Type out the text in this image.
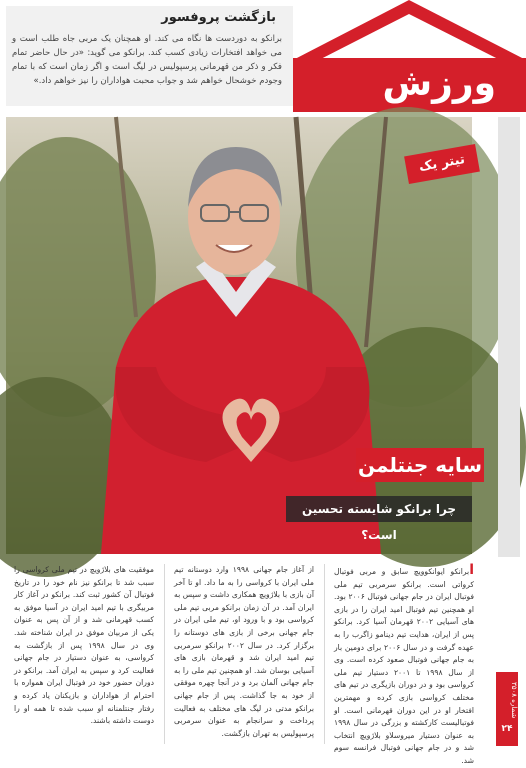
بازگشت پروفسور
برانکو به دوردست ها نگاه می کند. او همچنان یک مربی جاه طلب است و می خواهد افتخارات زیادی کسب کند. برانکو می گوید: «در حال حاضر تمام فکر و ذکر من قهرمانی پرسپولیس در لیگ است و اگر زمان است که با تمام وجودم خوشحال خواهم شد و جواب محبت هواداران را نیز خواهم داد.»	ورزش
تیتر یک
سایه جنتلمن
چرا برانکو شایسته تحسین است؟
ابرانکو ایوانکوویچ سابق و مربی فوتبال کرواتی است. برانکو سرمربی تیم ملی فوتبال ایران در جام جهانی فوتبال ۲۰۰۶ بود. او همچنین تیم فوتبال امید ایران را در بازی های آسیایی ۲۰۰۲ قهرمان آسیا کرد. برانکو پس از ایران، هدایت تیم دینامو زاگرب را به عهده گرفت و در سال ۲۰۰۶ برای دومین بار به جام جهانی فوتبال صعود کرده است. وی از سال ۱۹۹۸ تا ۲۰۰۱ دستیار تیم ملی کرواسی بود و در دوران بازیگری در تیم های مختلف کرواسی بازی کرده و مهمترین افتخار او در این دوران قهرمانی است. او فوتبالیست کارکشته و بزرگی در سال ۱۹۹۸ به عنوان دستیار میروسلاو بلاژویچ انتخاب شد و در جام جهانی فوتبال فرانسه سوم شد.
از آغاز جام جهانی ۱۹۹۸ وارد دوستانه تیم ملی ایران با کرواسی را به ما داد. او تا آخر آن بازی با بلاژویچ همکاری داشت و سپس به ایران آمد. در آن زمان برانکو مربی تیم ملی کرواسی بود و با ورود او، تیم ملی ایران در جام جهانی برخی از بازی های دوستانه را برگزار کرد. در سال ۲۰۰۲ برانکو سرمربی تیم امید ایران شد و قهرمان بازی های آسیایی بوسان شد. او همچنین تیم ملی را به جام جهانی آلمان برد و در آنجا چهره موفقی از خود به جا گذاشت. پس از جام جهانی برانکو مدتی در لیگ های مختلف به فعالیت پرداخت و سرانجام به عنوان سرمربی پرسپولیس به تهران بازگشت.
موفقیت های بلاژویچ در تیم ملی کرواسی را سبب شد تا برانکو نیز نام خود را در تاریخ فوتبال آن کشور ثبت کند. برانکو در آغاز کار مربیگری با تیم امید ایران در آسیا موفق به کسب قهرمانی شد و از آن پس به عنوان یکی از مربیان موفق در ایران شناخته شد. وی در سال ۱۹۹۸ پس از بازگشت به کرواسی، به عنوان دستیار در جام جهانی فعالیت کرد و سپس به ایران آمد. برانکو در دوران حضور خود در فوتبال ایران همواره با احترام از هواداران و بازیکنان یاد کرده و رفتار جنتلمنانه او سبب شده تا همه او را دوست داشته باشند.
شماره ۳۵۰۸
۲۴
